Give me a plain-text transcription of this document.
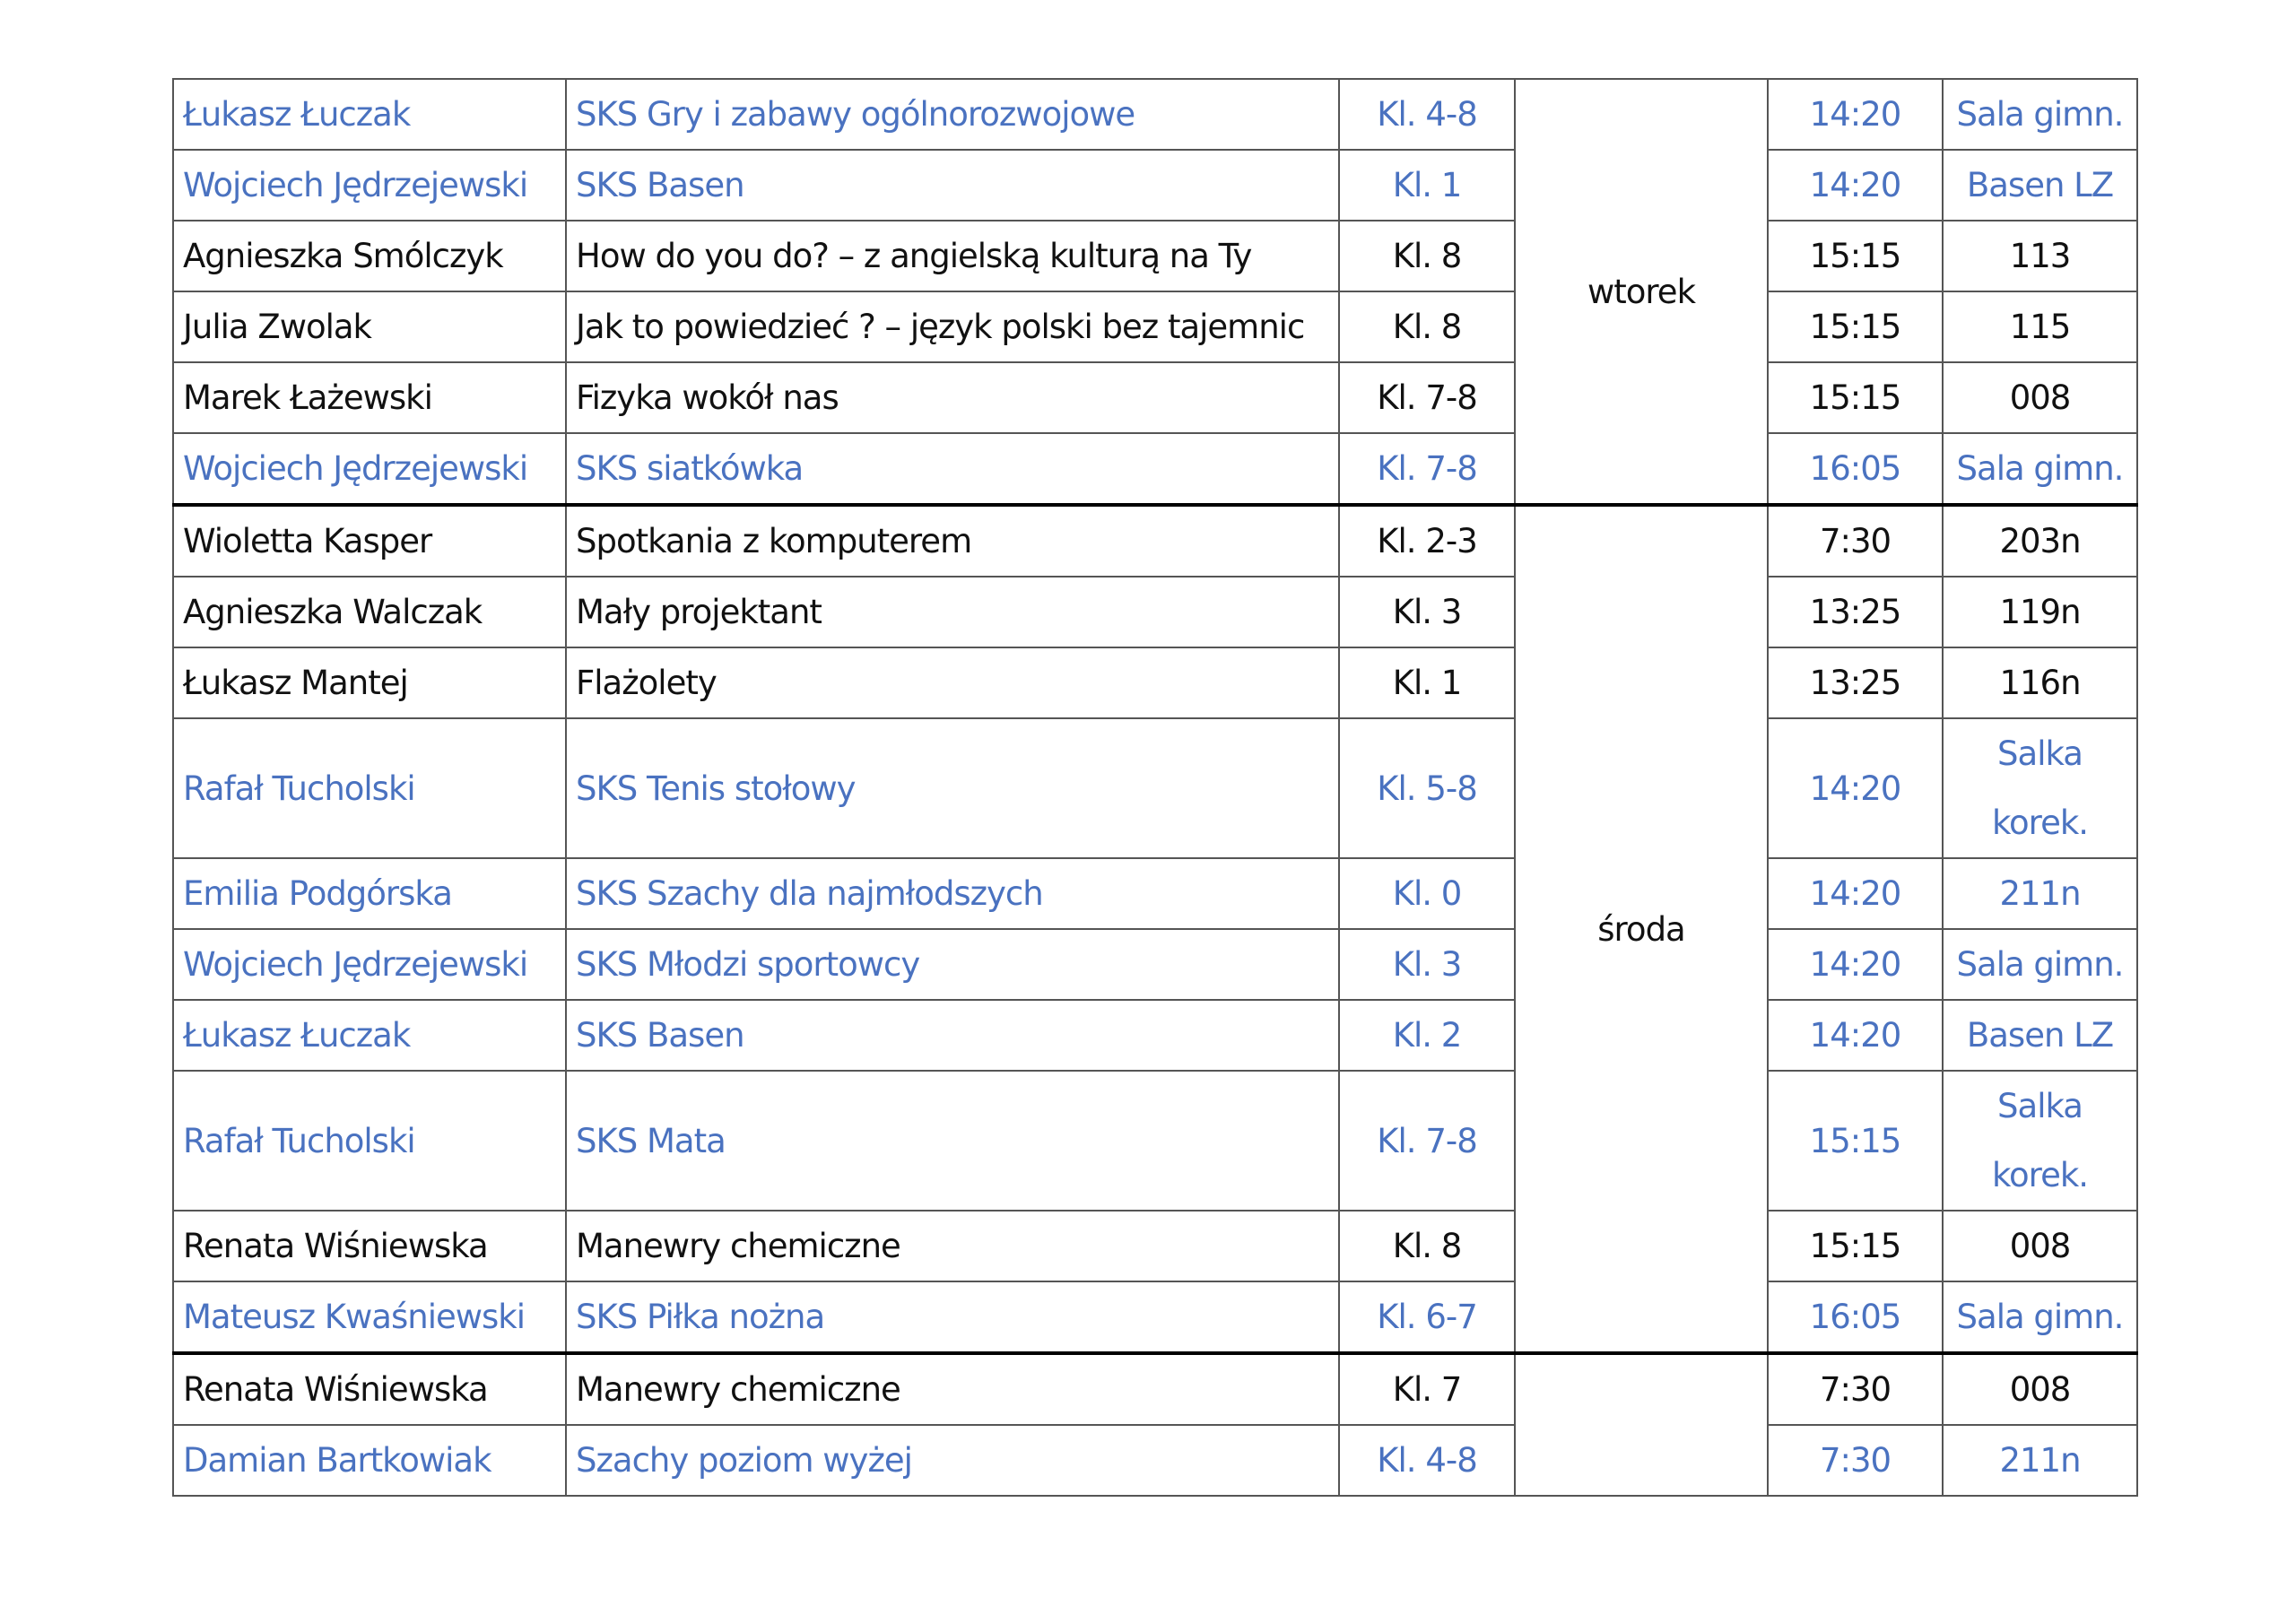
Łukasz Łuczak	SKS Gry i zabawy ogólnorozwojowe	Kl. 4-8	wtorek	14:20	Sala gimn.
Wojciech Jędrzejewski	SKS Basen	Kl. 1		14:20	Basen LZ
Agnieszka Smólczyk	How do you do? – z angielską kulturą na Ty	Kl. 8		15:15	113
Julia Zwolak	Jak to powiedzieć ? – język polski bez tajemnic	Kl. 8		15:15	115
Marek Łażewski	Fizyka wokół nas	Kl. 7-8		15:15	008
Wojciech Jędrzejewski	SKS siatkówka	Kl. 7-8		16:05	Sala gimn.
Wioletta Kasper	Spotkania z komputerem	Kl. 2-3	środa	7:30	203n
Agnieszka Walczak	Mały projektant	Kl. 3		13:25	119n
Łukasz Mantej	Flażolety	Kl. 1		13:25	116n
Rafał Tucholski	SKS Tenis stołowy	Kl. 5-8		14:20	Salka korek.
Emilia Podgórska	SKS Szachy dla najmłodszych	Kl. 0		14:20	211n
Wojciech Jędrzejewski	SKS Młodzi sportowcy	Kl. 3		14:20	Sala gimn.
Łukasz Łuczak	SKS Basen	Kl. 2		14:20	Basen LZ
Rafał Tucholski	SKS Mata	Kl. 7-8		15:15	Salka korek.
Renata Wiśniewska	Manewry chemiczne	Kl. 8		15:15	008
Mateusz Kwaśniewski	SKS Piłka nożna	Kl. 6-7		16:05	Sala gimn.
Renata Wiśniewska	Manewry chemiczne	Kl. 7		7:30	008
Damian Bartkowiak	Szachy poziom wyżej	Kl. 4-8		7:30	211n
